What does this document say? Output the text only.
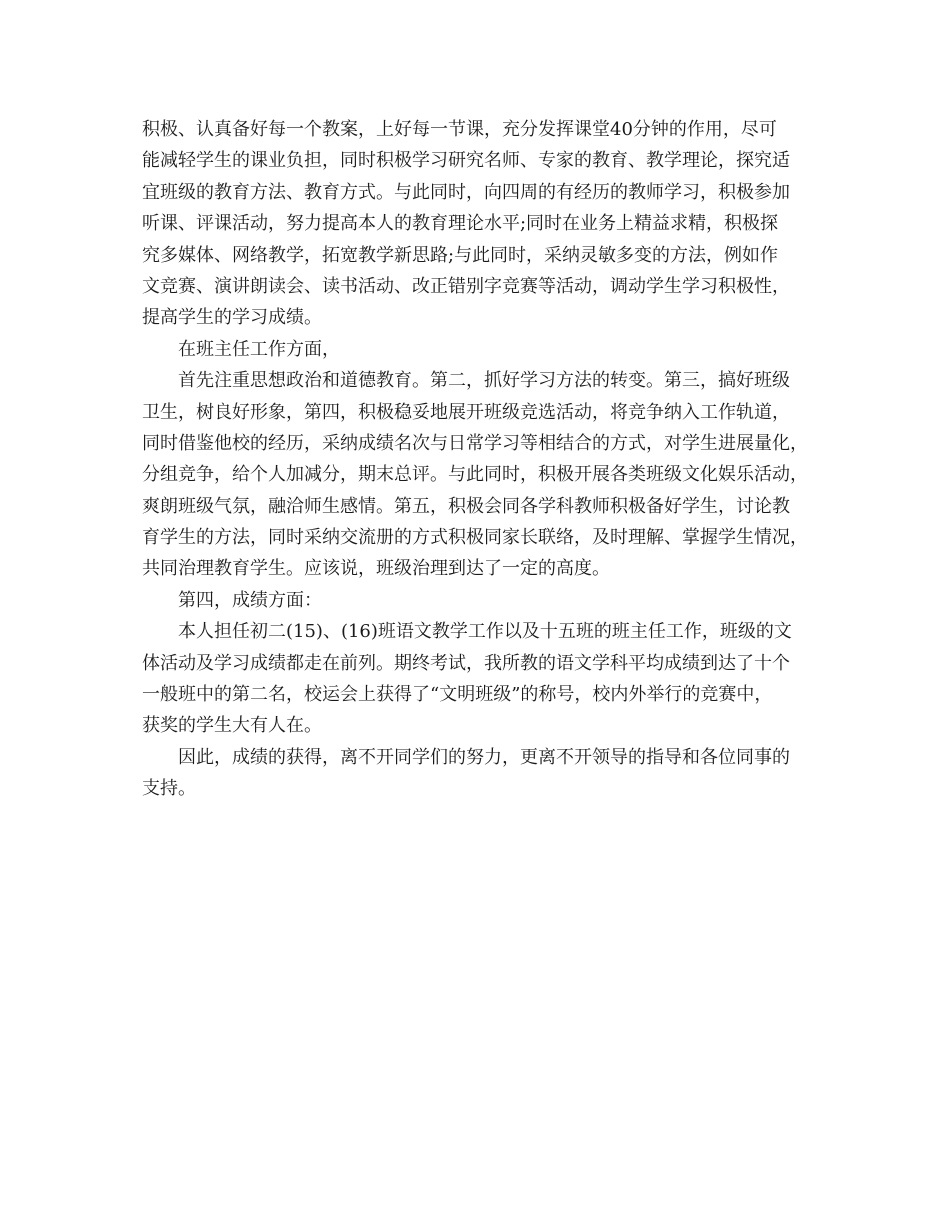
积极、认真备好每一个教案，上好每一节课，充分发挥课堂40分钟的作用，尽可
能减轻学生的课业负担，同时积极学习研究名师、专家的教育、教学理论，探究适
宜班级的教育方法、教育方式。与此同时，向四周的有经历的教师学习，积极参加
听课、评课活动，努力提高本人的教育理论水平;同时在业务上精益求精，积极探
究多媒体、网络教学，拓宽教学新思路;与此同时，采纳灵敏多变的方法，例如作
文竞赛、演讲朗读会、读书活动、改正错别字竞赛等活动，调动学生学习积极性，
提高学生的学习成绩。
在班主任工作方面，
首先注重思想政治和道德教育。第二，抓好学习方法的转变。第三，搞好班级
卫生，树良好形象，第四，积极稳妥地展开班级竞选活动，将竞争纳入工作轨道，
同时借鉴他校的经历，采纳成绩名次与日常学习等相结合的方式，对学生进展量化，
分组竞争，给个人加减分，期末总评。与此同时，积极开展各类班级文化娱乐活动，
爽朗班级气氛，融洽师生感情。第五，积极会同各学科教师积极备好学生，讨论教
育学生的方法，同时采纳交流册的方式积极同家长联络，及时理解、掌握学生情况，
共同治理教育学生。应该说，班级治理到达了一定的高度。
第四，成绩方面：
本人担任初二(15)、(16)班语文教学工作以及十五班的班主任工作，班级的文
体活动及学习成绩都走在前列。期终考试，我所教的语文学科平均成绩到达了十个
一般班中的第二名，校运会上获得了“文明班级”的称号，校内外举行的竞赛中，
获奖的学生大有人在。
因此，成绩的获得，离不开同学们的努力，更离不开领导的指导和各位同事的
支持。
